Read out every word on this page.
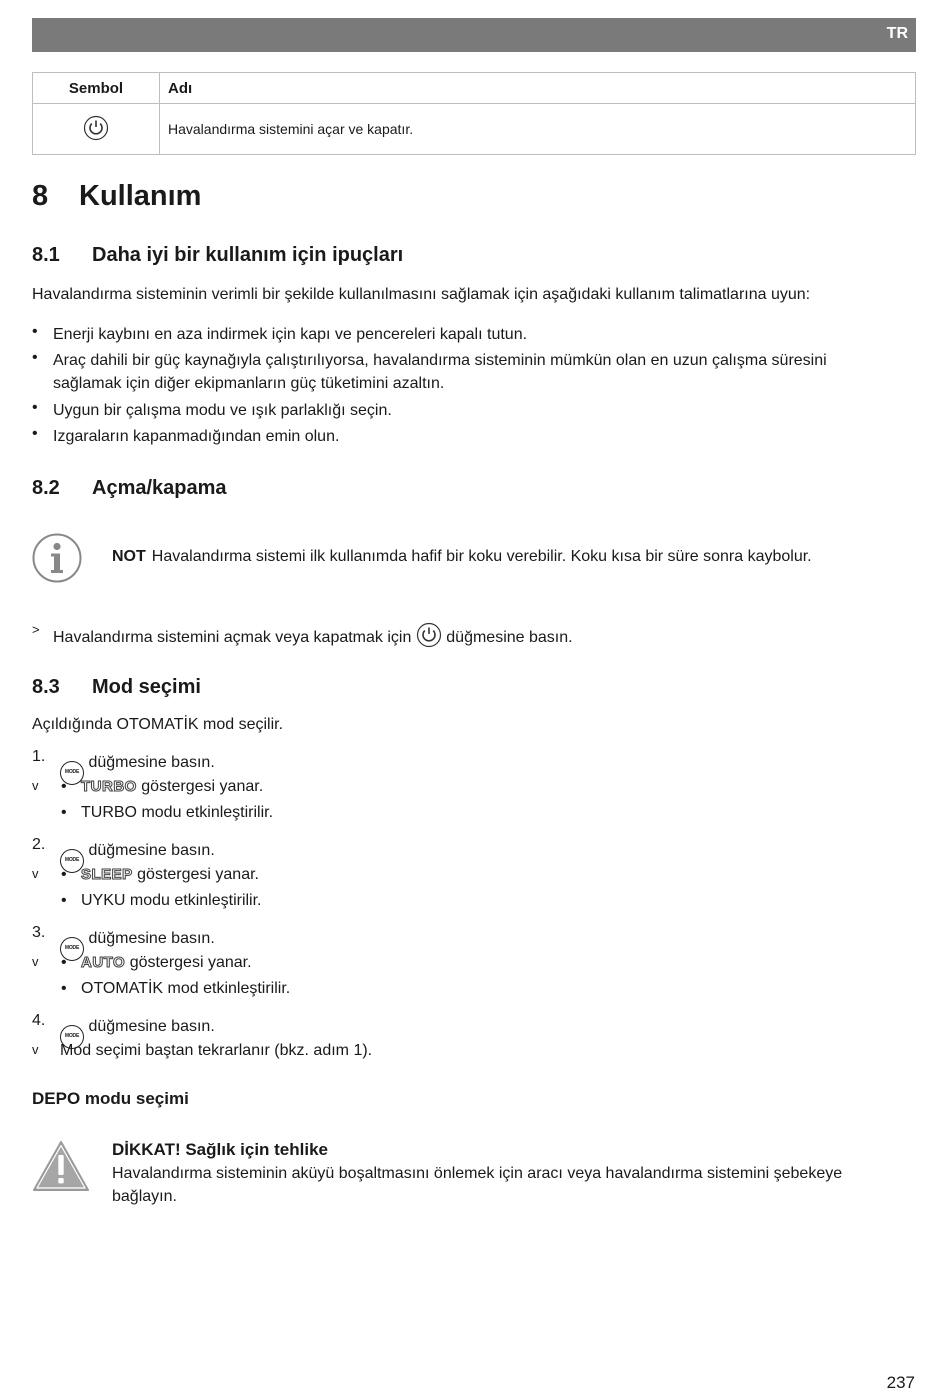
TR
Sembol	Adı
	Havalandırma sistemini açar ve kapatır.
8 Kullanım
8.1 Daha iyi bir kullanım için ipuçları
Havalandırma sisteminin verimli bir şekilde kullanılmasını sağlamak için aşağıdaki kullanım talimatlarına uyun:
• Enerji kaybını en aza indirmek için kapı ve pencereleri kapalı tutun.
• Araç dahili bir güç kaynağıyla çalıştırılıyorsa, havalandırma sisteminin mümkün olan en uzun çalışma süresini
sağlamak için diğer ekipmanların güç tüketimini azaltın.
• Uygun bir çalışma modu ve ışık parlaklığı seçin.
• Izgaraların kapanmadığından emin olun.
8.2 Açma/kapama
NOT Havalandırma sistemi ilk kullanımda hafif bir koku verebilir. Koku kısa bir süre sonra kaybolur.
> Havalandırma sistemini açmak veya kapatmak için düğmesine basın.
8.3 Mod seçimi
Açıldığında OTOMATİK mod seçilir.
1.
MODE düğmesine basın.
v • TURBO göstergesi yanar.
• TURBO modu etkinleştirilir.
2.
MODE düğmesine basın.
v • SLEEP göstergesi yanar.
• UYKU modu etkinleştirilir.
3.
MODE düğmesine basın.
v • AUTO göstergesi yanar.
• OTOMATİK mod etkinleştirilir.
4.
MODE düğmesine basın.
v Mod seçimi baştan tekrarlanır (bkz. adım 1).
DEPO modu seçimi
DİKKAT! Sağlık için tehlike
Havalandırma sisteminin aküyü boşaltmasını önlemek için aracı veya havalandırma sistemini şebekeye bağlayın.
237
